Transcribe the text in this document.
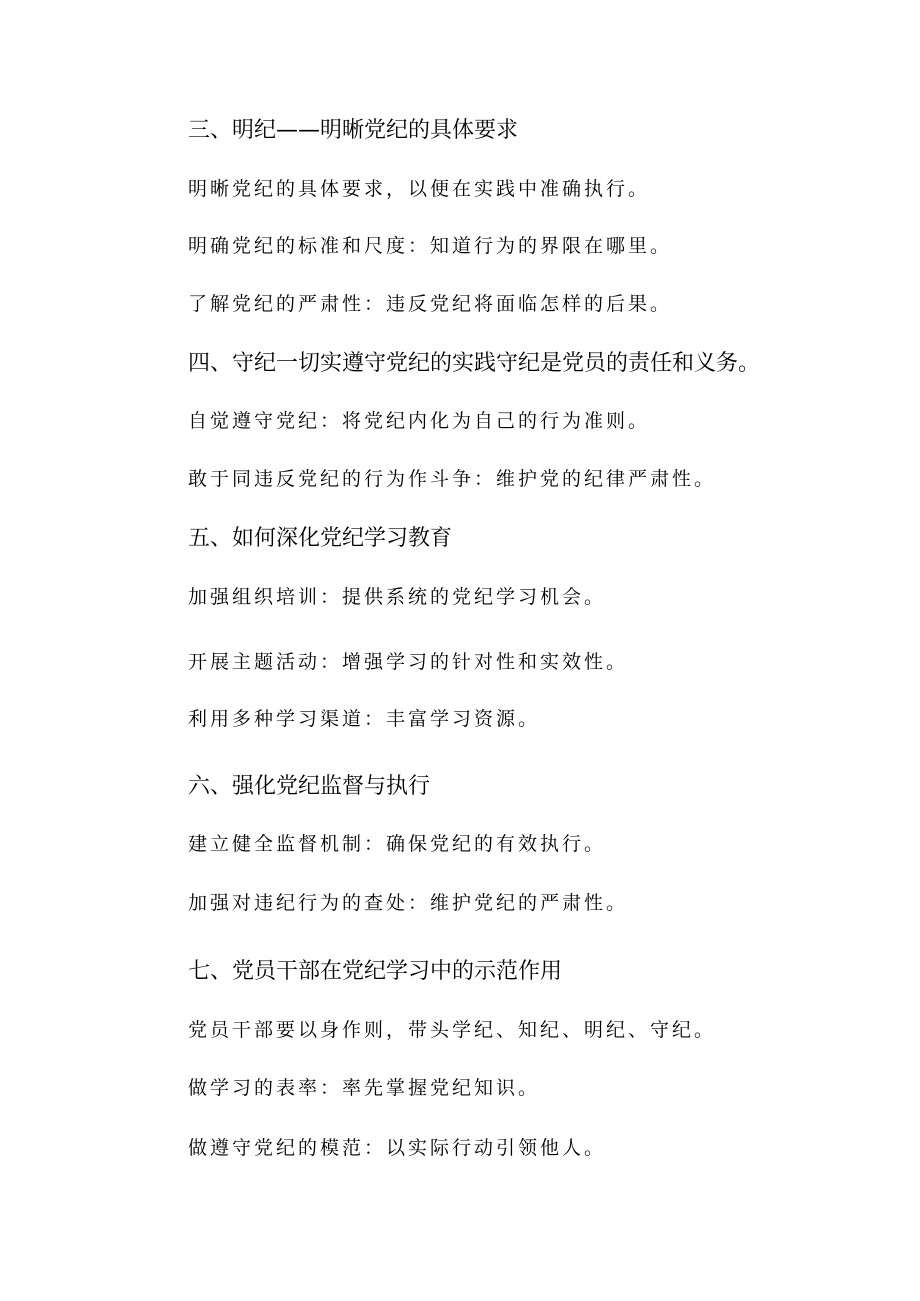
三、明纪——明晰党纪的具体要求
明晰党纪的具体要求，以便在实践中准确执行。
明确党纪的标准和尺度：知道行为的界限在哪里。
了解党纪的严肃性：违反党纪将面临怎样的后果。
四、守纪一切实遵守党纪的实践守纪是党员的责任和义务。
自觉遵守党纪：将党纪内化为自己的行为准则。
敢于同违反党纪的行为作斗争：维护党的纪律严肃性。
五、如何深化党纪学习教育
加强组织培训：提供系统的党纪学习机会。
开展主题活动：增强学习的针对性和实效性。
利用多种学习渠道：丰富学习资源。
六、强化党纪监督与执行
建立健全监督机制：确保党纪的有效执行。
加强对违纪行为的查处：维护党纪的严肃性。
七、党员干部在党纪学习中的示范作用
党员干部要以身作则，带头学纪、知纪、明纪、守纪。
做学习的表率：率先掌握党纪知识。
做遵守党纪的模范：以实际行动引领他人。
